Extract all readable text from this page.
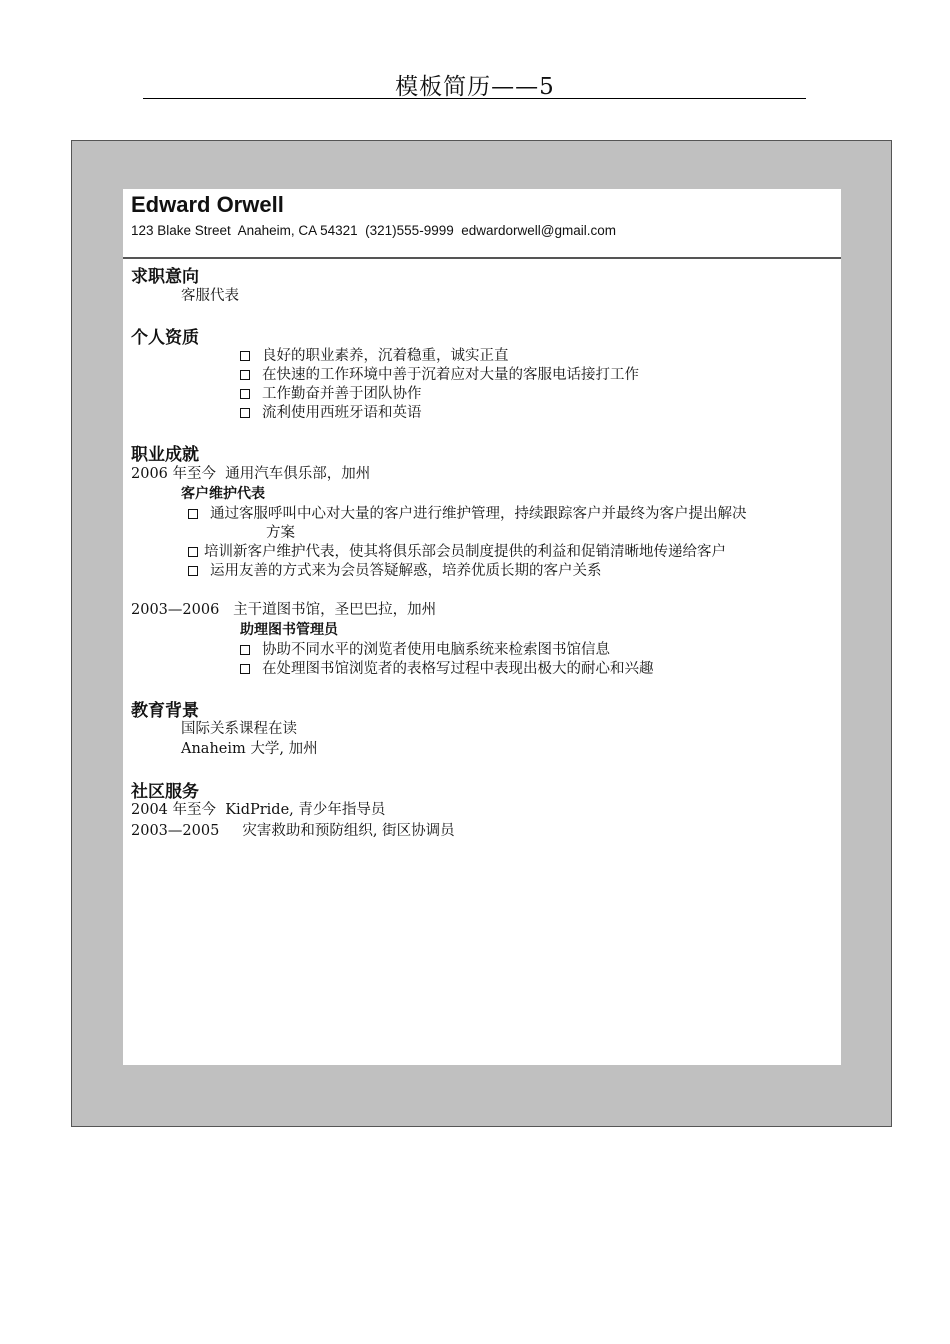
模板简历——5
Edward Orwell
123 Blake Street  Anaheim, CA 54321  (321)555-9999  edwardorwell@gmail.com
求职意向
客服代表
个人资质
良好的职业素养，沉着稳重，诚实正直
在快速的工作环境中善于沉着应对大量的客服电话接打工作
工作勤奋并善于团队协作
流利使用西班牙语和英语
职业成就
2006 年至今  通用汽车俱乐部，加州
客户维护代表
通过客服呼叫中心对大量的客户进行维护管理，持续跟踪客户并最终为客户提出解决
方案
培训新客户维护代表，使其将俱乐部会员制度提供的利益和促销清晰地传递给客户
运用友善的方式来为会员答疑解惑，培养优质长期的客户关系
2003—2006   主干道图书馆，圣巴巴拉，加州
助理图书管理员
协助不同水平的浏览者使用电脑系统来检索图书馆信息
在处理图书馆浏览者的表格写过程中表现出极大的耐心和兴趣
教育背景
国际关系课程在读
Anaheim 大学, 加州
社区服务
2004 年至今  KidPride, 青少年指导员
2003—2005     灾害救助和预防组织, 街区协调员
